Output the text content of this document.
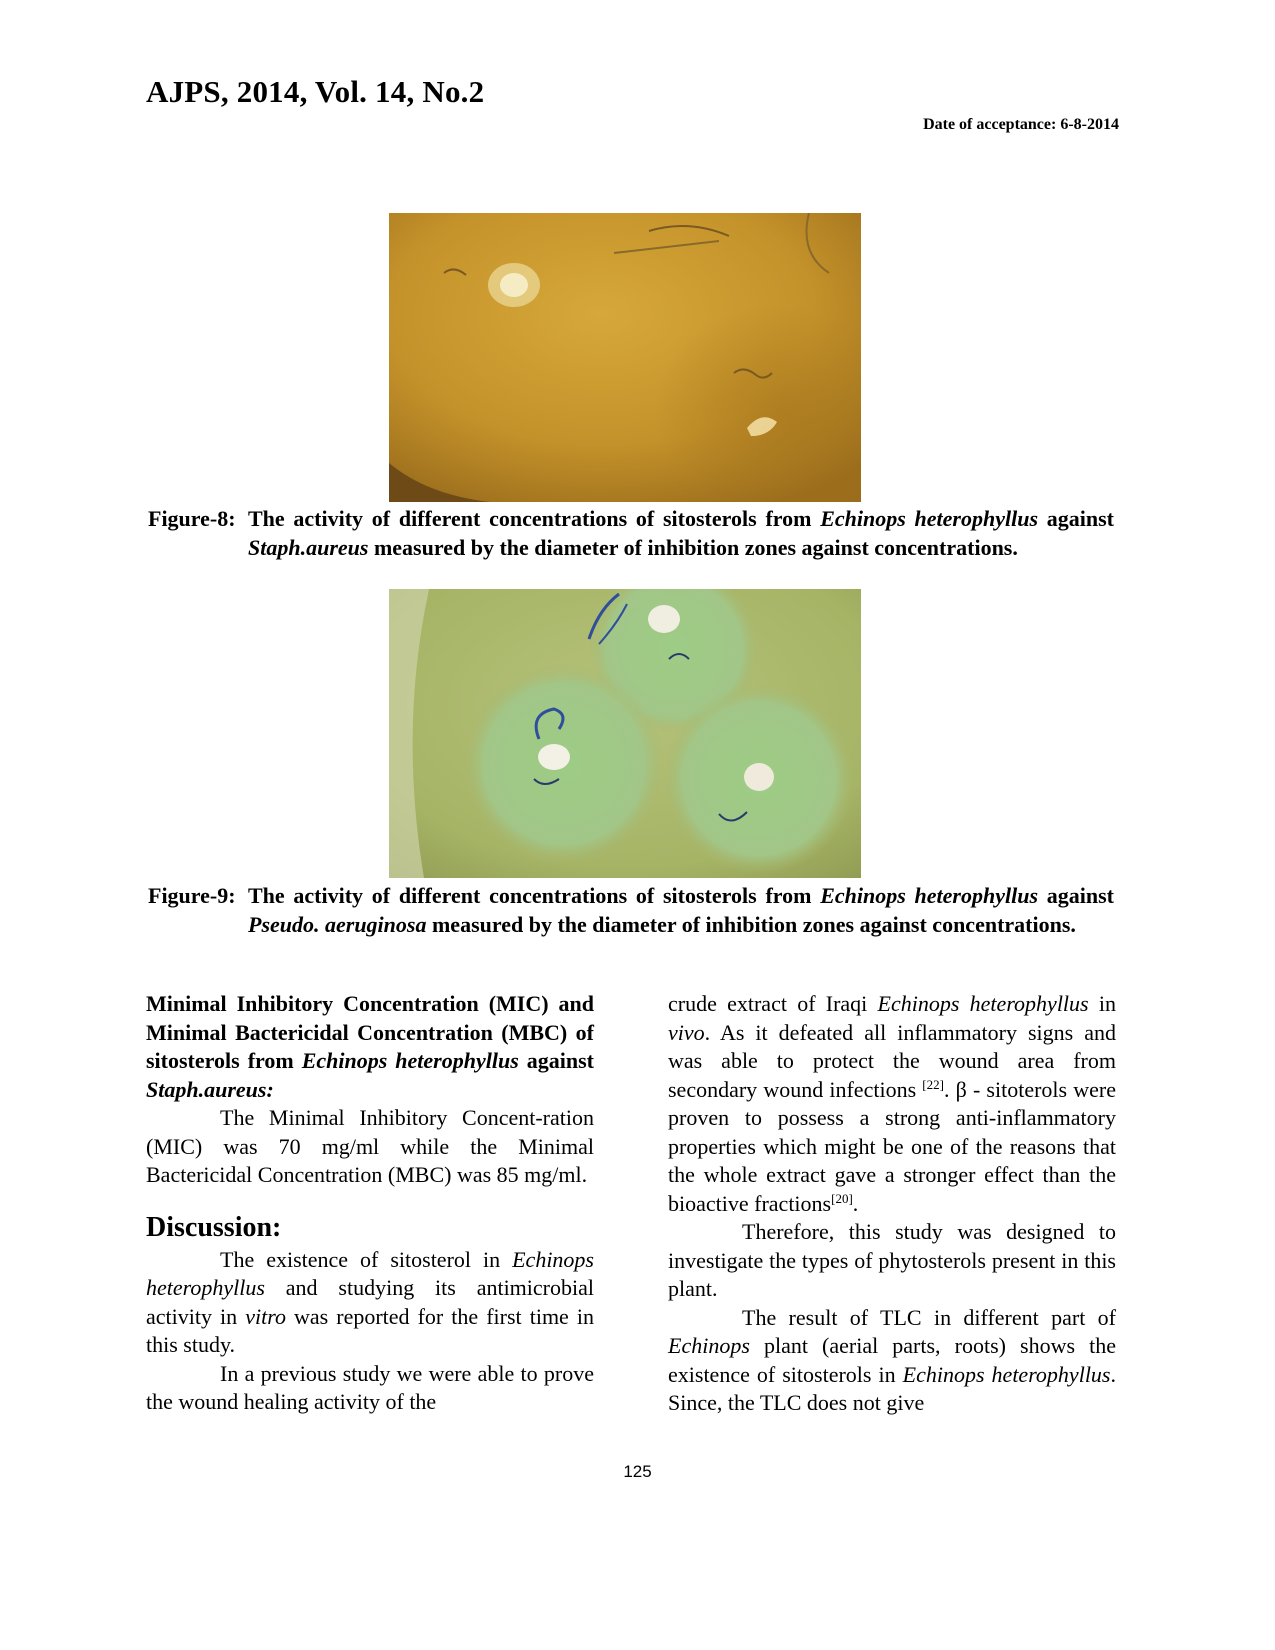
AJPS, 2014, Vol. 14, No.2
Date of acceptance: 6-8-2014
Figure-8: The activity of different concentrations of sitosterols from Echinops heterophyllus against Staph.aureus measured by the diameter of inhibition zones against concentrations.
Figure-9: The activity of different concentrations of sitosterols from Echinops heterophyllus against Pseudo. aeruginosa measured by the diameter of inhibition zones against concentrations.

Minimal Inhibitory Concentration (MIC) and Minimal Bactericidal Concentration (MBC) of sitosterols from Echinops heterophyllus against Staph.aureus:

The Minimal Inhibitory Concent-ration (MIC) was 70 mg/ml while the Minimal Bactericidal Concentration (MBC) was 85 mg/ml.

Discussion:

The existence of sitosterol in Echinops heterophyllus and studying its antimicrobial activity in vitro was reported for the first time in this study.

In a previous study we were able to prove the wound healing activity of the

crude extract of Iraqi Echinops heterophyllus in vivo. As it defeated all inflammatory signs and was able to protect the wound area from secondary wound infections [22]. β - sitoterols were proven to possess a strong anti-inflammatory properties which might be one of the reasons that the whole extract gave a stronger effect than the bioactive fractions[20].

Therefore, this study was designed to investigate the types of phytosterols present in this plant.

The result of TLC in different part of Echinops plant (aerial parts, roots) shows the existence of sitosterols in Echinops heterophyllus. Since, the TLC does not give

125
